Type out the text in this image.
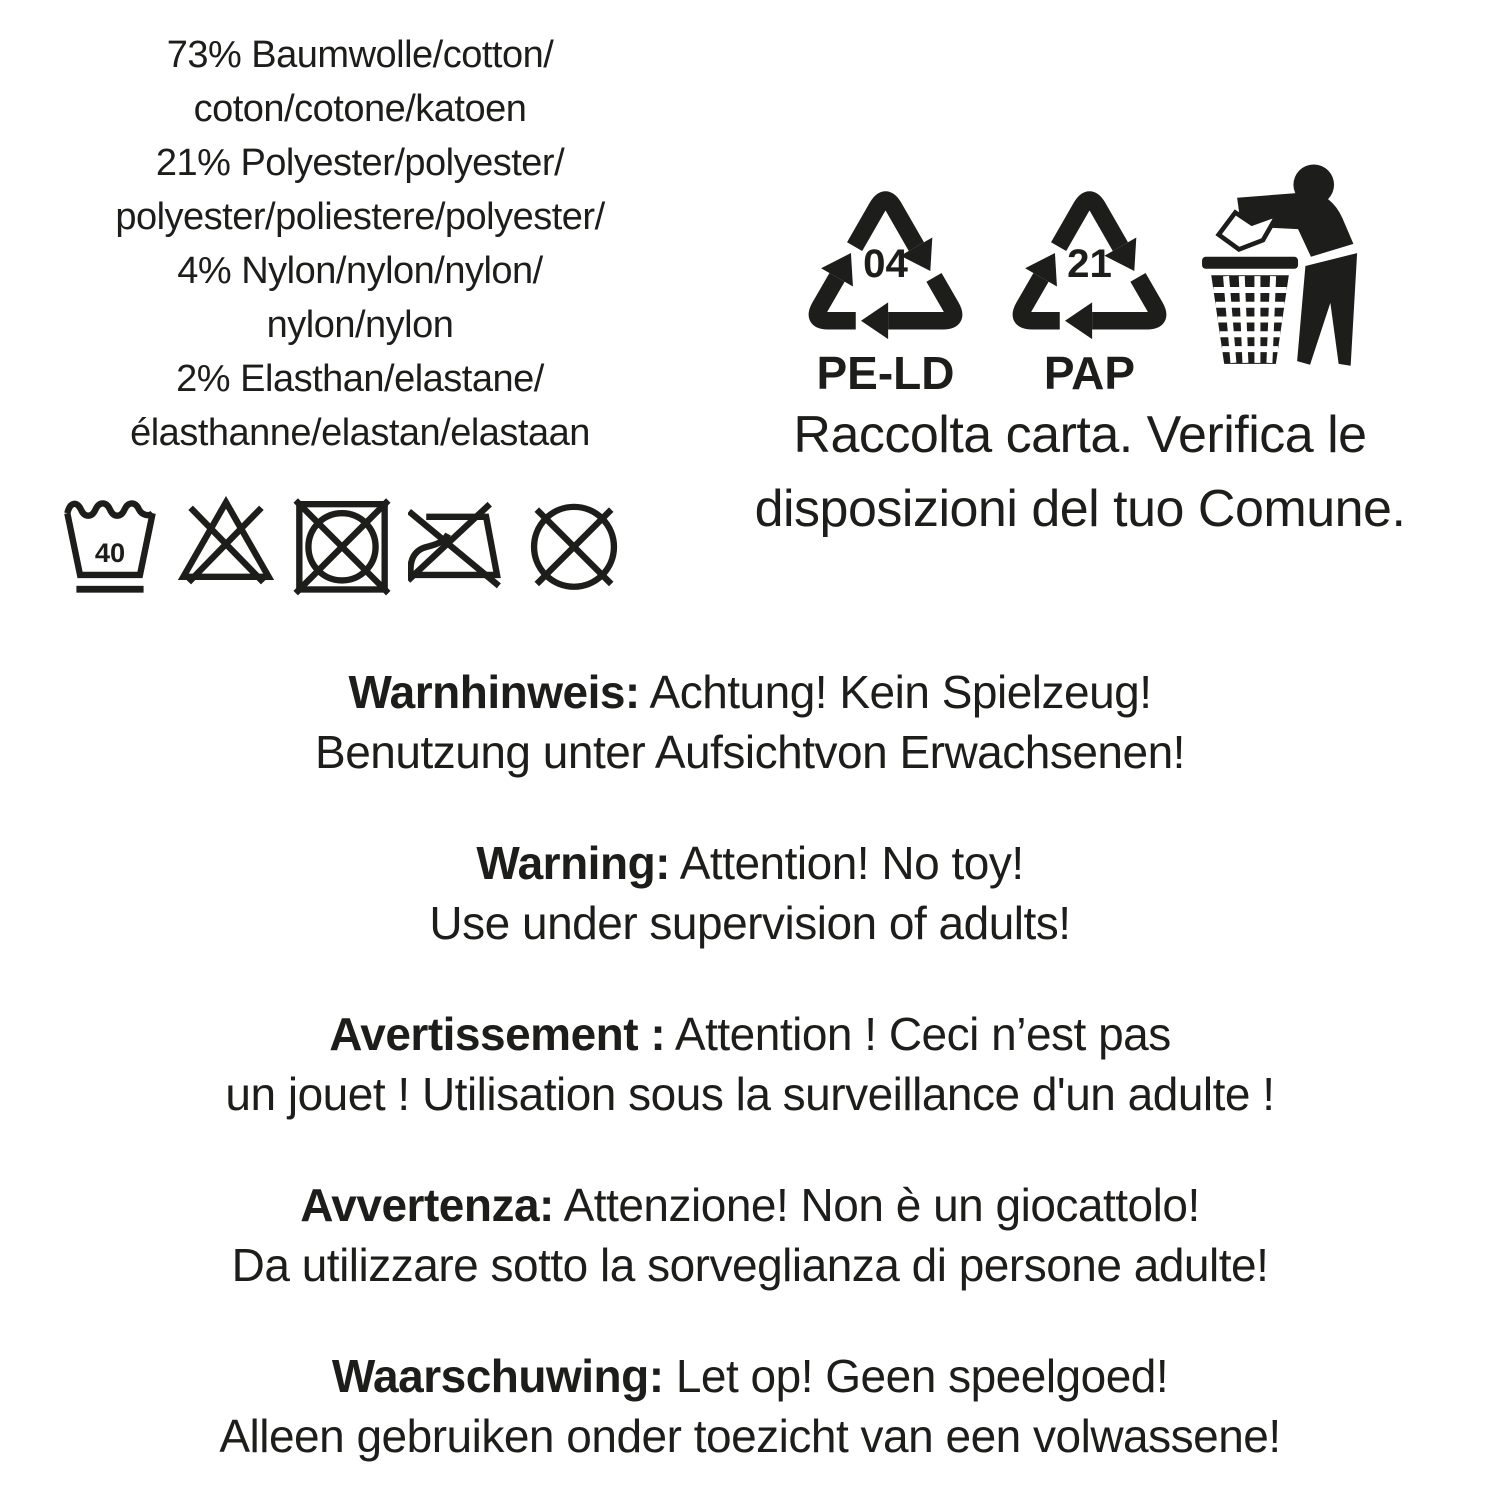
73% Baumwolle/cotton/
coton/cotone/katoen
21% Polyester/polyester/
polyester/poliestere/polyester/
4% Nylon/nylon/nylon/
nylon/nylon
2% Elasthan/elastane/
élasthanne/elastan/elastaan
40
04
PE-LD
21
PAP
Raccolta carta. Verifica le
disposizioni del tuo Comune.
Warnhinweis: Achtung! Kein Spielzeug!
Benutzung unter Aufsichtvon Erwachsenen!
Warning: Attention! No toy!
Use under supervision of adults!
Avertissement : Attention ! Ceci n’est pas
un jouet ! Utilisation sous la surveillance d'un adulte !
Avvertenza: Attenzione! Non è un giocattolo!
Da utilizzare sotto la sorveglianza di persone adulte!
Waarschuwing: Let op! Geen speelgoed!
Alleen gebruiken onder toezicht van een volwassene!
